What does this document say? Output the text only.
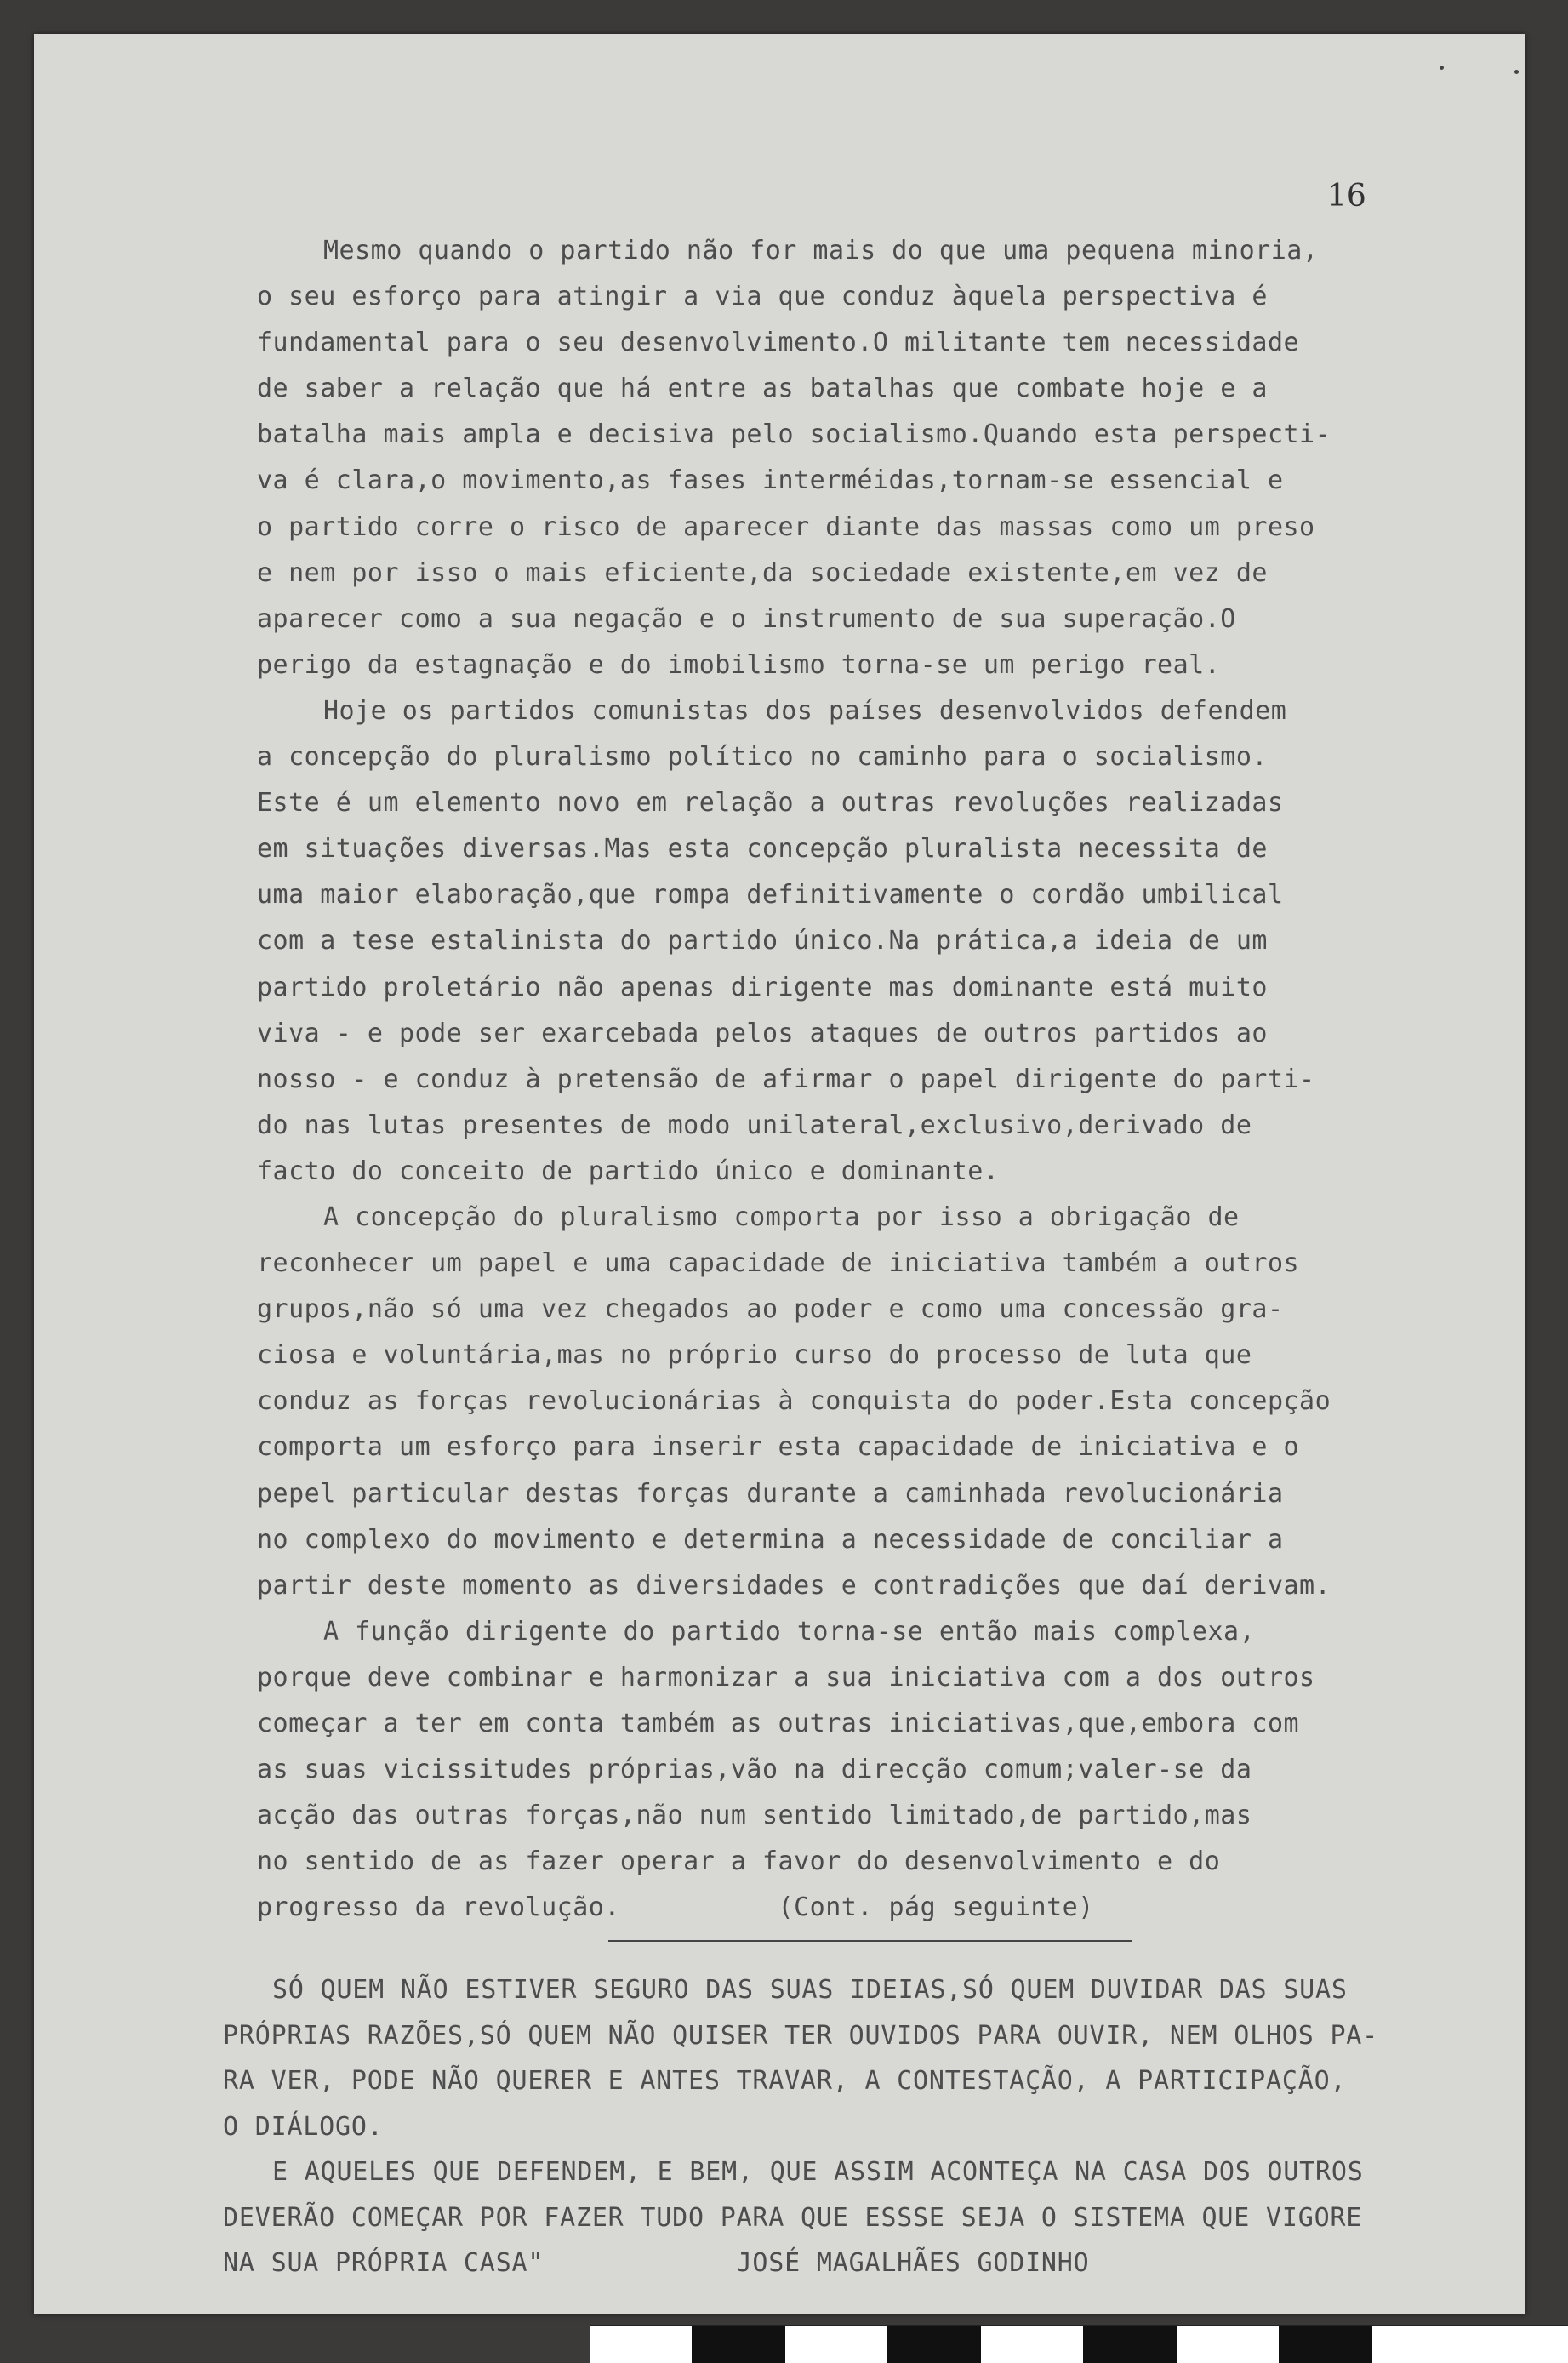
16
Mesmo quando o partido não for mais do que uma pequena minoria,
o seu esforço para atingir a via que conduz àquela perspectiva é
fundamental para o seu desenvolvimento.O militante tem necessidade
de saber a relação que há entre as batalhas que combate hoje e a
batalha mais ampla e decisiva pelo socialismo.Quando esta perspecti-
va é clara,o movimento,as fases interméidas,tornam-se essencial e
o partido corre o risco de aparecer diante das massas como um preso
e nem por isso o mais eficiente,da sociedade existente,em vez de
aparecer como a sua negação e o instrumento de sua superação.O
perigo da estagnação e do imobilismo torna-se um perigo real.
Hoje os partidos comunistas dos países desenvolvidos defendem
a concepção do pluralismo político no caminho para o socialismo.
Este é um elemento novo em relação a outras revoluções realizadas
em situações diversas.Mas esta concepção pluralista necessita de
uma maior elaboração,que rompa definitivamente o cordão umbilical
com a tese estalinista do partido único.Na prática,a ideia de um
partido proletário não apenas dirigente mas dominante está muito
viva - e pode ser exarcebada pelos ataques de outros partidos ao
nosso - e conduz à pretensão de afirmar o papel dirigente do parti-
do nas lutas presentes de modo unilateral,exclusivo,derivado de
facto do conceito de partido único e dominante.
A concepção do pluralismo comporta por isso a obrigação de
reconhecer um papel e uma capacidade de iniciativa também a outros
grupos,não só uma vez chegados ao poder e como uma concessão gra-
ciosa e voluntária,mas no próprio curso do processo de luta que
conduz as forças revolucionárias à conquista do poder.Esta concepção
comporta um esforço para inserir esta capacidade de iniciativa e o
pepel particular destas forças durante a caminhada revolucionária
no complexo do movimento e determina a necessidade de conciliar a
partir deste momento as diversidades e contradições que daí derivam.
A função dirigente do partido torna-se então mais complexa,
porque deve combinar e harmonizar a sua iniciativa com a dos outros
começar a ter em conta também as outras iniciativas,que,embora com
as suas vicissitudes próprias,vão na direcção comum;valer-se da
acção das outras forças,não num sentido limitado,de partido,mas
no sentido de as fazer operar a favor do desenvolvimento e do
progresso da revolução.          (Cont. pág seguinte)
SÓ QUEM NÃO ESTIVER SEGURO DAS SUAS IDEIAS,SÓ QUEM DUVIDAR DAS SUAS
PRÓPRIAS RAZÕES,SÓ QUEM NÃO QUISER TER OUVIDOS PARA OUVIR, NEM OLHOS PA-
RA VER, PODE NÃO QUERER E ANTES TRAVAR, A CONTESTAÇÃO, A PARTICIPAÇÃO,
O DIÁLOGO.
E AQUELES QUE DEFENDEM, E BEM, QUE ASSIM ACONTEÇA NA CASA DOS OUTROS
DEVERÃO COMEÇAR POR FAZER TUDO PARA QUE ESSSE SEJA O SISTEMA QUE VIGORE
NA SUA PRÓPRIA CASA"            JOSÉ MAGALHÃES GODINHO
